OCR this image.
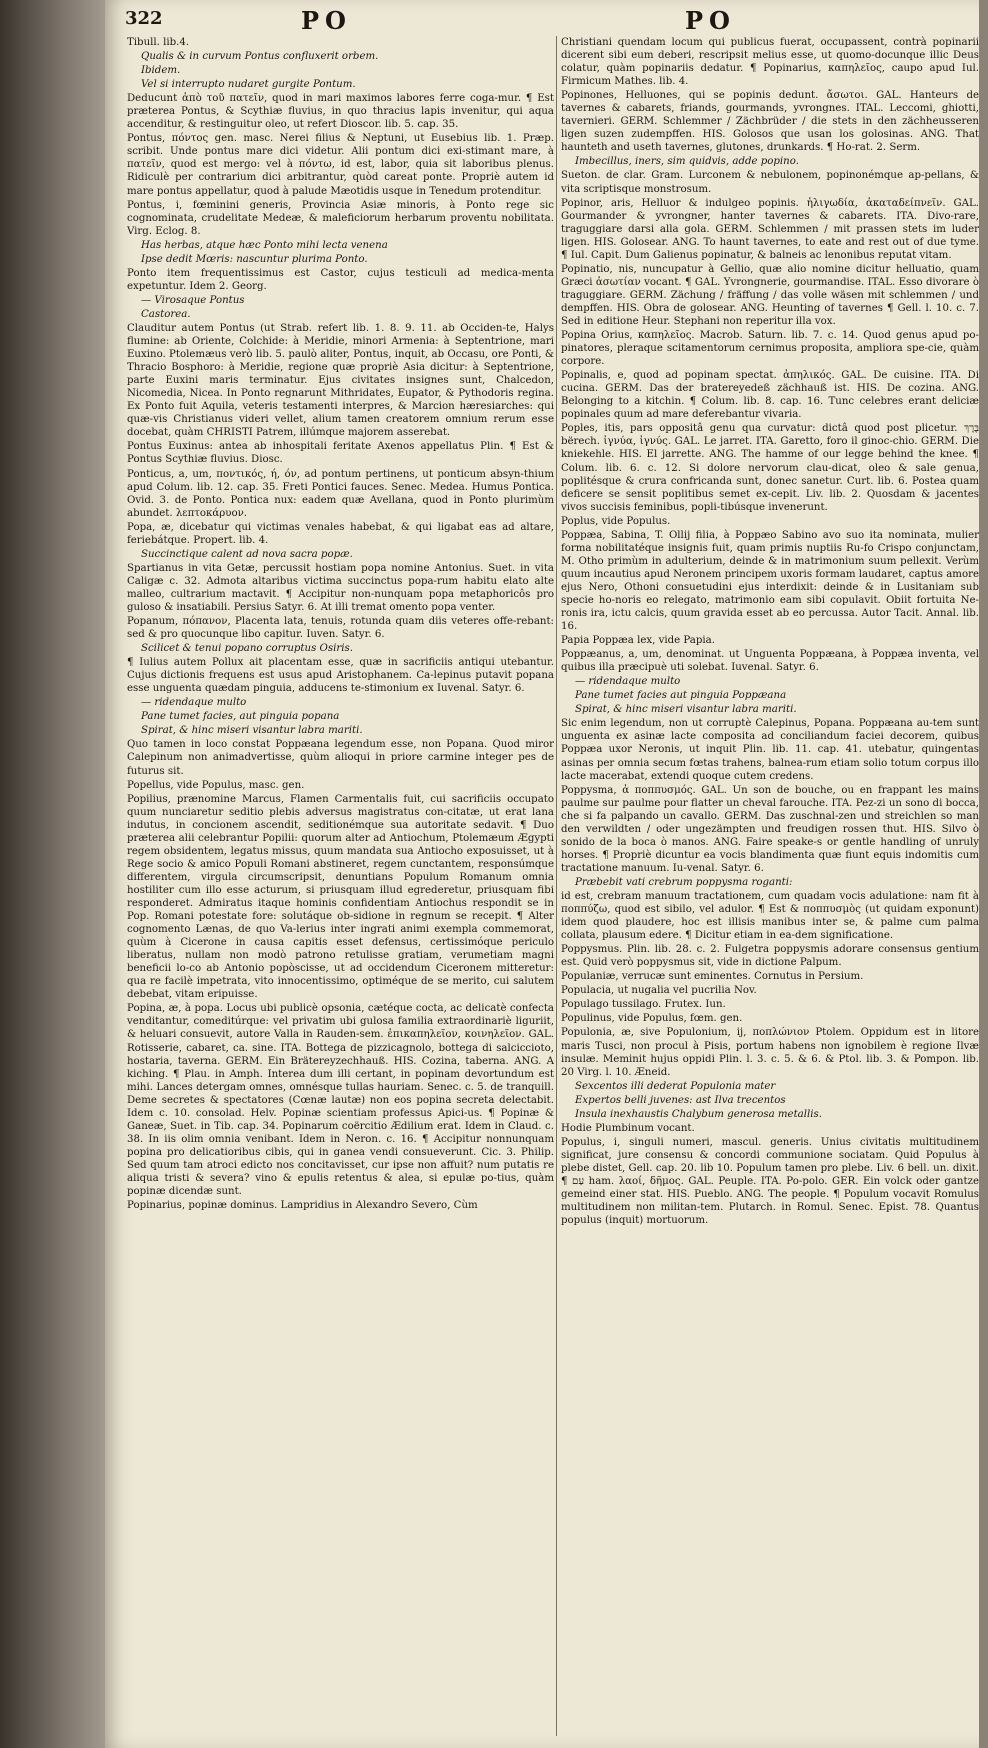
322	PO	PO

Tibull. lib.4.

Qualis & in curvum Pontus confluxerit orbem.

Ibidem.

Vel si interrupto nudaret gurgite Pontum.

Deducunt ἀπὸ τοῦ πατεῖν, quod in mari maximos labores ferre coga-mur. ¶ Est præterea Pontus, & Scythiæ fluvius, in quo thracius lapis invenitur, qui aqua accenditur, & restinguitur oleo, ut refert Dioscor. lib. 5. cap. 35.

Pontus, πόντος gen. masc. Nerei filius & Neptuni, ut Eusebius lib. 1. Præp. scribit. Unde pontus mare dici videtur. Alii pontum dici exi-stimant mare, à πατεῖν, quod est mergo: vel à πόντω, id est, labor, quia sit laboribus plenus. Ridiculè per contrarium dici arbitrantur, quòd careat ponte. Propriè autem id mare pontus appellatur, quod à palude Mæotidis usque in Tenedum protenditur.

Pontus, i, fœminini generis, Provincia Asiæ minoris, à Ponto rege sic cognominata, crudelitate Medeæ, & maleficiorum herbarum proventu nobilitata. Virg. Eclog. 8.

Has herbas, atque hæc Ponto mihi lecta venena

Ipse dedit Mœris: nascuntur plurima Ponto.

Ponto item frequentissimus est Castor, cujus testiculi ad medica-menta expetuntur. Idem 2. Georg.

— Virosaque Pontus

Castorea.

Clauditur autem Pontus (ut Strab. refert lib. 1. 8. 9. 11. ab Occiden-te, Halys flumine: ab Oriente, Colchide: à Meridie, minori Armenia: à Septentrione, mari Euxino. Ptolemæus verò lib. 5. paulò aliter, Pontus, inquit, ab Occasu, ore Ponti, & Thracio Bosphoro: à Meridie, regione quæ propriè Asia dicitur: à Septentrione, parte Euxini maris terminatur. Ejus civitates insignes sunt, Chalcedon, Nicomedia, Nicea. In Ponto regnarunt Mithridates, Eupator, & Pythodoris regina. Ex Ponto fuit Aquila, veteris testamenti interpres, & Marcion hæresiarches: qui quæ-vis Christianus videri vellet, alium tamen creatorem omnium rerum esse docebat, quàm CHRISTI Patrem, illúmque majorem asserebat.

Pontus Euxinus: antea ab inhospitali feritate Axenos appellatus Plin. ¶ Est & Pontus Scythiæ fluvius. Diosc.

Ponticus, a, um, ποντικός, ή, όν, ad pontum pertinens, ut ponticum absyn-thium apud Colum. lib. 12. cap. 35. Freti Pontici fauces. Senec. Medea. Humus Pontica. Ovid. 3. de Ponto. Pontica nux: eadem quæ Avellana, quod in Ponto plurimùm abundet. λεπτοκάρυον.

Popa, æ, dicebatur qui victimas venales habebat, & qui ligabat eas ad altare, feriebátque. Propert. lib. 4.

Succinctique calent ad nova sacra popæ.

Spartianus in vita Getæ, percussit hostiam popa nomine Antonius. Suet. in vita Caligæ c. 32. Admota altaribus victima succinctus popa-rum habitu elato alte malleo, cultrarium mactavit. ¶ Accipitur non-nunquam popa metaphoricôs pro guloso & insatiabili. Persius Satyr. 6. At illi tremat omento popa venter.

Popanum, πόπανον, Placenta lata, tenuis, rotunda quam diis veteres offe-rebant: sed & pro quocunque libo capitur. Iuven. Satyr. 6.

Scilicet & tenui popano corruptus Osiris.

¶ Iulius autem Pollux ait placentam esse, quæ in sacrificiis antiqui utebantur. Cujus dictionis frequens est usus apud Aristophanem. Ca-lepinus putavit popana esse unguenta quædam pinguia, adducens te-stimonium ex Iuvenal. Satyr. 6.

— ridendaque multo

Pane tumet facies, aut pinguia popana

Spirat, & hinc miseri visantur labra mariti.

Quo tamen in loco constat Poppæana legendum esse, non Popana. Quod miror Calepinum non animadvertisse, quùm alioqui in priore carmine integer pes de futurus sit.

Popellus, vide Populus, masc. gen.

Popilius, prænomine Marcus, Flamen Carmentalis fuit, cui sacrificiis occupato quum nunciaretur seditio plebis adversus magistratus con-citatæ, ut erat lana indutus, in concionem ascendit, seditionémque sua autoritate sedavit. ¶ Duo præterea alii celebrantur Popilii: quorum alter ad Antiochum, Ptolemæum Ægypti regem obsidentem, legatus missus, quum mandata sua Antiocho exposuisset, ut à Rege socio & amico Populi Romani abstineret, regem cunctantem, responsúmque differentem, virgula circumscripsit, denuntians Populum Romanum omnia hostiliter cum illo esse acturum, si priusquam illud egrederetur, priusquam fibi responderet. Admiratus itaque hominis confidentiam Antiochus respondit se in Pop. Romani potestate fore: solutáque ob-sidione in regnum se recepit. ¶ Alter cognomento Lænas, de quo Va-lerius inter ingrati animi exempla commemorat, quùm à Cicerone in causa capitis esset defensus, certissimóque periculo liberatus, nullam non modò patrono retulisse gratiam, verumetiam magni beneficii lo-co ab Antonio popòscisse, ut ad occidendum Ciceronem mitteretur: qua re facilè impetrata, vito innocentissimo, optiméque de se merito, cui salutem debebat, vitam eripuisse.

Popina, æ, à popa. Locus ubi publicè opsonia, cætéque cocta, ac delicatè confecta venditantur, comeditúrque: vel privatim ubi gulosa familia extraordinariè liguriit, & heluari consuevit, autore Valla in Rauden-sem. ἐπικαπηλεῖον, κοινηλεῖον. GAL. Rotisserie, cabaret, ca. sine. ITA. Bottega de pizzicagnolo, bottega di salciccioto, hostaria, taverna. GERM. Ein Brätereyzechhauß. HIS. Cozina, taberna. ANG. A kiching. ¶ Plau. in Amph. Interea dum illi certant, in popinam devortundum est mihi. Lances detergam omnes, omnésque tullas hauriam. Senec. c. 5. de tranquill. Deme secretes & spectatores (Cœnæ lautæ) non eos popina secreta delectabit. Idem c. 10. consolad. Helv. Popinæ scientiam professus Apici-us. ¶ Popinæ & Ganeæ, Suet. in Tib. cap. 34. Popinarum coërcitio Ædilium erat. Idem in Claud. c. 38. In iis olim omnia venibant. Idem in Neron. c. 16. ¶ Accipitur nonnunquam popina pro delicatioribus cibis, qui in ganea vendi consueverunt. Cic. 3. Philip. Sed quum tam atroci edicto nos concitavisset, cur ipse non affuit? num putatis re aliqua tristi & severa? vino & epulis retentus & alea, si epulæ po-tius, quàm popinæ dicendæ sunt.

Popinarius, popinæ dominus. Lampridius in Alexandro Severo, Cùm

Christiani quendam locum qui publicus fuerat, occupassent, contrà popinarii dicerent sibi eum deberi, rescripsit melius esse, ut quomo-docunque illic Deus colatur, quàm popinariis dedatur. ¶ Popinarius, καπηλεῖος, caupo apud Iul. Firmicum Mathes. lib. 4.

Popinones, Helluones, qui se popinis dedunt. ἄσωτοι. GAL. Hanteurs de tavernes & cabarets, friands, gourmands, yvrongnes. ITAL. Leccomi, ghiotti, tavernieri. GERM. Schlemmer / Zächbrüder / die stets in den zächheusseren ligen suzen zudempffen. HIS. Golosos que usan los golosinas. ANG. That haunteth and useth tavernes, glutones, drunkards. ¶ Ho-rat. 2. Serm.

Imbecillus, iners, sim quidvis, adde popino.

Sueton. de clar. Gram. Lurconem & nebulonem, popinonémque ap-pellans, & vita scriptisque monstrosum.

Popinor, aris, Helluor & indulgeo popinis. ἡλιγωδία, ἀκαταδείπνεῖν. GAL. Gourmander & yvrongner, hanter tavernes & cabarets. ITA. Divo-rare, traguggiare darsi alla gola. GERM. Schlemmen / mit prassen stets im luder ligen. HIS. Golosear. ANG. To haunt tavernes, to eate and rest out of due tyme. ¶ Iul. Capit. Dum Galienus popinatur, & balneis ac lenonibus reputat vitam.

Popinatio, nis, nuncupatur à Gellio, quæ alio nomine dicitur helluatio, quam Græci ἀσωτίαν vocant. ¶ GAL. Yvrongnerie, gourmandise. ITAL. Esso divorare ò traguggiare. GERM. Zächung / fräffung / das volle wäsen mit schlemmen / und dempffen. HIS. Obra de golosear. ANG. Heunting of tavernes ¶ Gell. l. 10. c. 7. Sed in editione Heur. Stephani non reperitur illa vox.

Popina Orius, καπηλεῖος. Macrob. Saturn. lib. 7. c. 14. Quod genus apud po-pinatores, pleraque scitamentorum cernimus proposita, ampliora spe-cie, quàm corpore.

Popinalis, e, quod ad popinam spectat. ἀπηλικός. GAL. De cuisine. ITA. Di cucina. GERM. Das der bratereyedeß zächhauß ist. HIS. De cozina. ANG. Belonging to a kitchin. ¶ Colum. lib. 8. cap. 16. Tunc celebres erant deliciæ popinales quum ad mare deferebantur vivaria.

Poples, itis, pars oppositâ genu qua curvatur: dictâ quod post plicetur. בֶּרֶךְ bërech. ἰγνύα, ἰγνύς. GAL. Le jarret. ITA. Garetto, foro il ginoc-chio. GERM. Die kniekehle. HIS. El jarrette. ANG. The hamme of our legge behind the knee. ¶ Colum. lib. 6. c. 12. Si dolore nervorum clau-dicat, oleo & sale genua, poplitésque & crura confricanda sunt, donec sanetur. Curt. lib. 6. Postea quam deficere se sensit poplitibus semet ex-cepit. Liv. lib. 2. Quosdam & jacentes vivos succisis feminibus, popli-tibúsque invenerunt.

Poplus, vide Populus.

Poppæa, Sabina, T. Ollij filia, à Poppæo Sabino avo suo ita nominata, mulier forma nobilitatéque insignis fuit, quam primis nuptiis Ru-fo Crispo conjunctam, M. Otho primùm in adulterium, deinde & in matrimonium suum pellexit. Verùm quum incautius apud Neronem principem uxoris formam laudaret, captus amore ejus Nero, Othoni consuetudini ejus interdixit: deinde & in Lusitaniam sub specie ho-noris eo relegato, matrimonio eam sibi copulavit. Obiit fortuita Ne-ronis ira, ictu calcis, quum gravida esset ab eo percussa. Autor Tacit. Annal. lib. 16.

Papia Poppæa lex, vide Papia.

Poppæanus, a, um, denominat. ut Unguenta Poppæana, à Poppæa inventa, vel quibus illa præcipuè uti solebat. Iuvenal. Satyr. 6.

— ridendaque multo

Pane tumet facies aut pinguia Poppæana

Spirat, & hinc miseri visantur labra mariti.

Sic enim legendum, non ut corruptè Calepinus, Popana. Poppæana au-tem sunt unguenta ex asinæ lacte composita ad conciliandum faciei decorem, quibus Poppæa uxor Neronis, ut inquit Plin. lib. 11. cap. 41. utebatur, quingentas asinas per omnia secum fœtas trahens, balnea-rum etiam solio totum corpus illo lacte macerabat, extendi quoque cutem credens.

Poppysma, ἀ ποππυσμός. GAL. Un son de bouche, ou en frappant les mains paulme sur paulme pour flatter un cheval farouche. ITA. Pez-zi un sono di bocca, che si fa palpando un cavallo. GERM. Das zuschnal-zen und streichlen so man den verwildten / oder ungezämpten und freudigen rossen thut. HIS. Silvo ò sonido de la boca ò manos. ANG. Faire speake-s or gentle handling of unruly horses. ¶ Propriè dicuntur ea vocis blandimenta quæ fiunt equis indomitis cum tractatione manuum. Iu-venal. Satyr. 6.

Præbebit vati crebrum poppysma roganti:

id est, crebram manuum tractationem, cum quadam vocis adulatione: nam fit à ποππύζω, quod est sibilo, vel adulor. ¶ Est & ποππυσμὸς (ut quidam exponunt) idem quod plaudere, hoc est illisis manibus inter se, & palme cum palma collata, plausum edere. ¶ Dicitur etiam in ea-dem significatione.

Poppysmus. Plin. lib. 28. c. 2. Fulgetra poppysmis adorare consensus gentium est. Quid verò poppysmus sit, vide in dictione Palpum.

Populaniæ, verrucæ sunt eminentes. Cornutus in Persium.

Populacia, ut nugalia vel pucrilia Nov.

Populago tussilago. Frutex. Iun.

Populinus, vide Populus, fœm. gen.

Populonia, æ, sive Populonium, ij, ποπλώνιον Ptolem. Oppidum est in litore maris Tusci, non procul à Pisis, portum habens non ignobilem è regione Ilvæ insulæ. Meminit hujus oppidi Plin. l. 3. c. 5. & 6. & Ptol. lib. 3. & Pompon. lib. 20 Virg. l. 10. Æneid.

Sexcentos illi dederat Populonia mater

Expertos belli juvenes: ast Ilva trecentos

Insula inexhaustis Chalybum generosa metallis.

Hodie Plumbinum vocant.

Populus, i, singuli numeri, mascul. generis. Unius civitatis multitudinem significat, jure consensu & concordi communione sociatam. Quid Populus à plebe distet, Gell. cap. 20. lib 10. Populum tamen pro plebe. Liv. 6 bell. un. dixit. ¶ עַם ham. λαοί, δῆμος. GAL. Peuple. ITA. Po-polo. GER. Ein volck oder gantze gemeind einer stat. HIS. Pueblo. ANG. The people. ¶ Populum vocavit Romulus multitudinem non militan-tem. Plutarch. in Romul. Senec. Epist. 78. Quantus populus (inquit) mortuorum.
